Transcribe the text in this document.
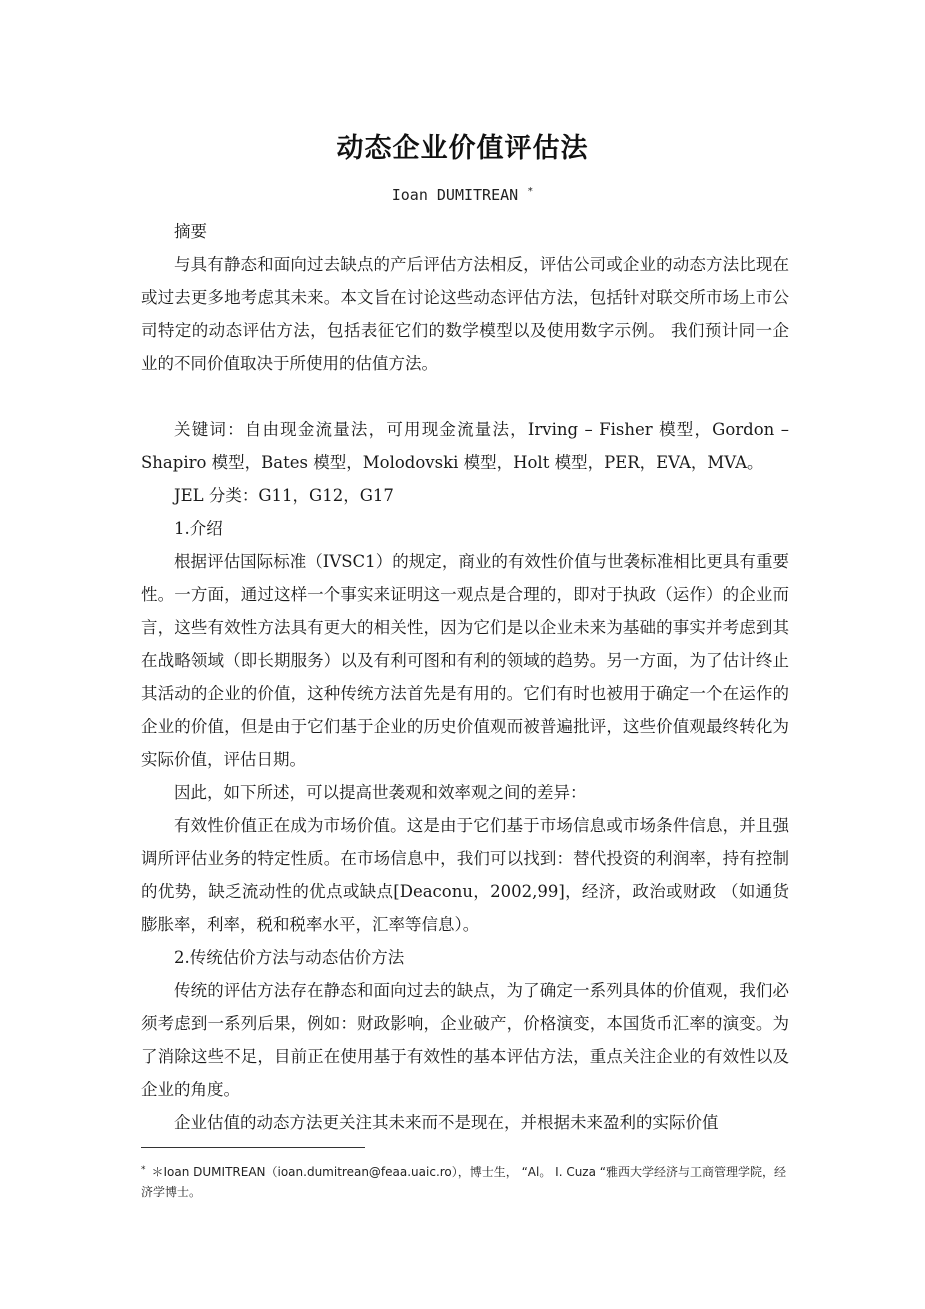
动态企业价值评估法
Ioan DUMITREAN *

摘要

与具有静态和面向过去缺点的产后评估方法相反，评估公司或企业的动态方法比现在或过去更多地考虑其未来。本文旨在讨论这些动态评估方法，包括针对联交所市场上市公司特定的动态评估方法，包括表征它们的数学模型以及使用数字示例。 我们预计同一企业的不同价值取决于所使用的估值方法。

关键词：自由现金流量法，可用现金流量法，Irving – Fisher 模型，Gordon – Shapiro 模型，Bates 模型，Molodovski 模型，Holt 模型，PER，EVA，MVA。

JEL 分类：G11，G12，G17

1.介绍

根据评估国际标准（IVSC1）的规定，商业的有效性价值与世袭标准相比更具有重要性。一方面，通过这样一个事实来证明这一观点是合理的，即对于执政（运作）的企业而言，这些有效性方法具有更大的相关性，因为它们是以企业未来为基础的事实并考虑到其在战略领域（即长期服务）以及有利可图和有利的领域的趋势。另一方面，为了估计终止其活动的企业的价值，这种传统方法首先是有用的。它们有时也被用于确定一个在运作的企业的价值，但是由于它们基于企业的历史价值观而被普遍批评，这些价值观最终转化为实际价值，评估日期。

因此，如下所述，可以提高世袭观和效率观之间的差异：

有效性价值正在成为市场价值。这是由于它们基于市场信息或市场条件信息，并且强调所评估业务的特定性质。在市场信息中，我们可以找到：替代投资的利润率，持有控制的优势，缺乏流动性的优点或缺点[Deaconu，2002,99]，经济，政治或财政 （如通货膨胀率，利率，税和税率水平，汇率等信息）。

2.传统估价方法与动态估价方法

传统的评估方法存在静态和面向过去的缺点，为了确定一系列具体的价值观，我们必须考虑到一系列后果，例如：财政影响，企业破产，价格演变，本国货币汇率的演变。为了消除这些不足，目前正在使用基于有效性的基本评估方法，重点关注企业的有效性以及企业的角度。

企业估值的动态方法更关注其未来而不是现在，并根据未来盈利的实际价值

* ＊Ioan DUMITREAN（ioan.dumitrean@feaa.uaic.ro），博士生， “Al。 I. Cuza “雅西大学经济与工商管理学院，经济学博士。
